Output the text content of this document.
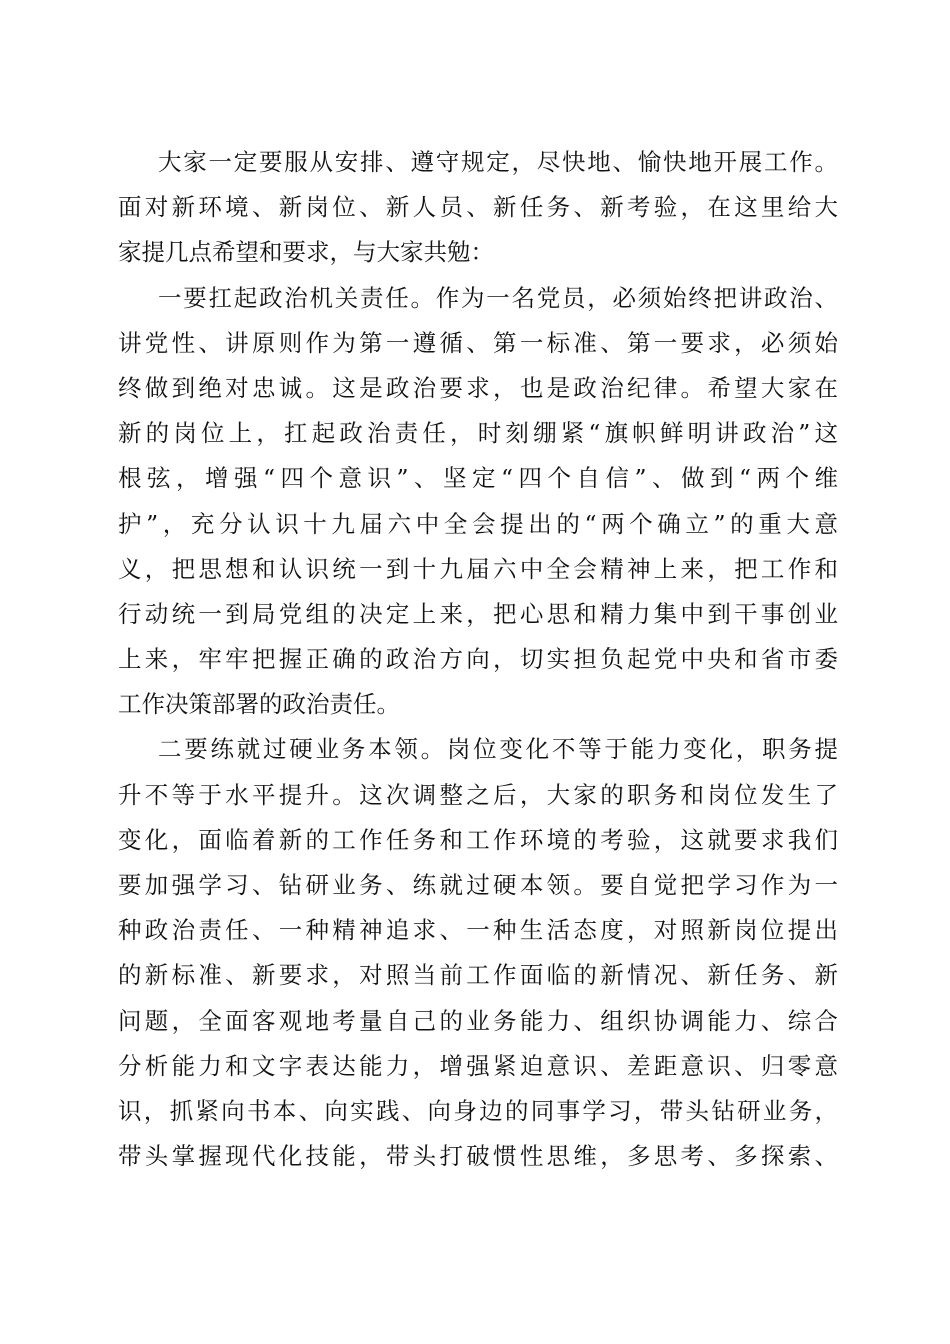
大家一定要服从安排、遵守规定，尽快地、愉快地开展工作。
面对新环境、新岗位、新人员、新任务、新考验，在这里给大
家提几点希望和要求，与大家共勉：
一要扛起政治机关责任。作为一名党员，必须始终把讲政治、
讲党性、讲原则作为第一遵循、第一标准、第一要求，必须始
终做到绝对忠诚。这是政治要求，也是政治纪律。希望大家在
新的岗位上，扛起政治责任，时刻绷紧“旗帜鲜明讲政治”这
根弦，增强“四个意识”、坚定“四个自信”、做到“两个维
护”，充分认识十九届六中全会提出的“两个确立”的重大意
义，把思想和认识统一到十九届六中全会精神上来，把工作和
行动统一到局党组的决定上来，把心思和精力集中到干事创业
上来，牢牢把握正确的政治方向，切实担负起党中央和省市委
工作决策部署的政治责任。
二要练就过硬业务本领。岗位变化不等于能力变化，职务提
升不等于水平提升。这次调整之后，大家的职务和岗位发生了
变化，面临着新的工作任务和工作环境的考验，这就要求我们
要加强学习、钻研业务、练就过硬本领。要自觉把学习作为一
种政治责任、一种精神追求、一种生活态度，对照新岗位提出
的新标准、新要求，对照当前工作面临的新情况、新任务、新
问题，全面客观地考量自己的业务能力、组织协调能力、综合
分析能力和文字表达能力，增强紧迫意识、差距意识、归零意
识，抓紧向书本、向实践、向身边的同事学习，带头钻研业务，
带头掌握现代化技能，带头打破惯性思维，多思考、多探索、
